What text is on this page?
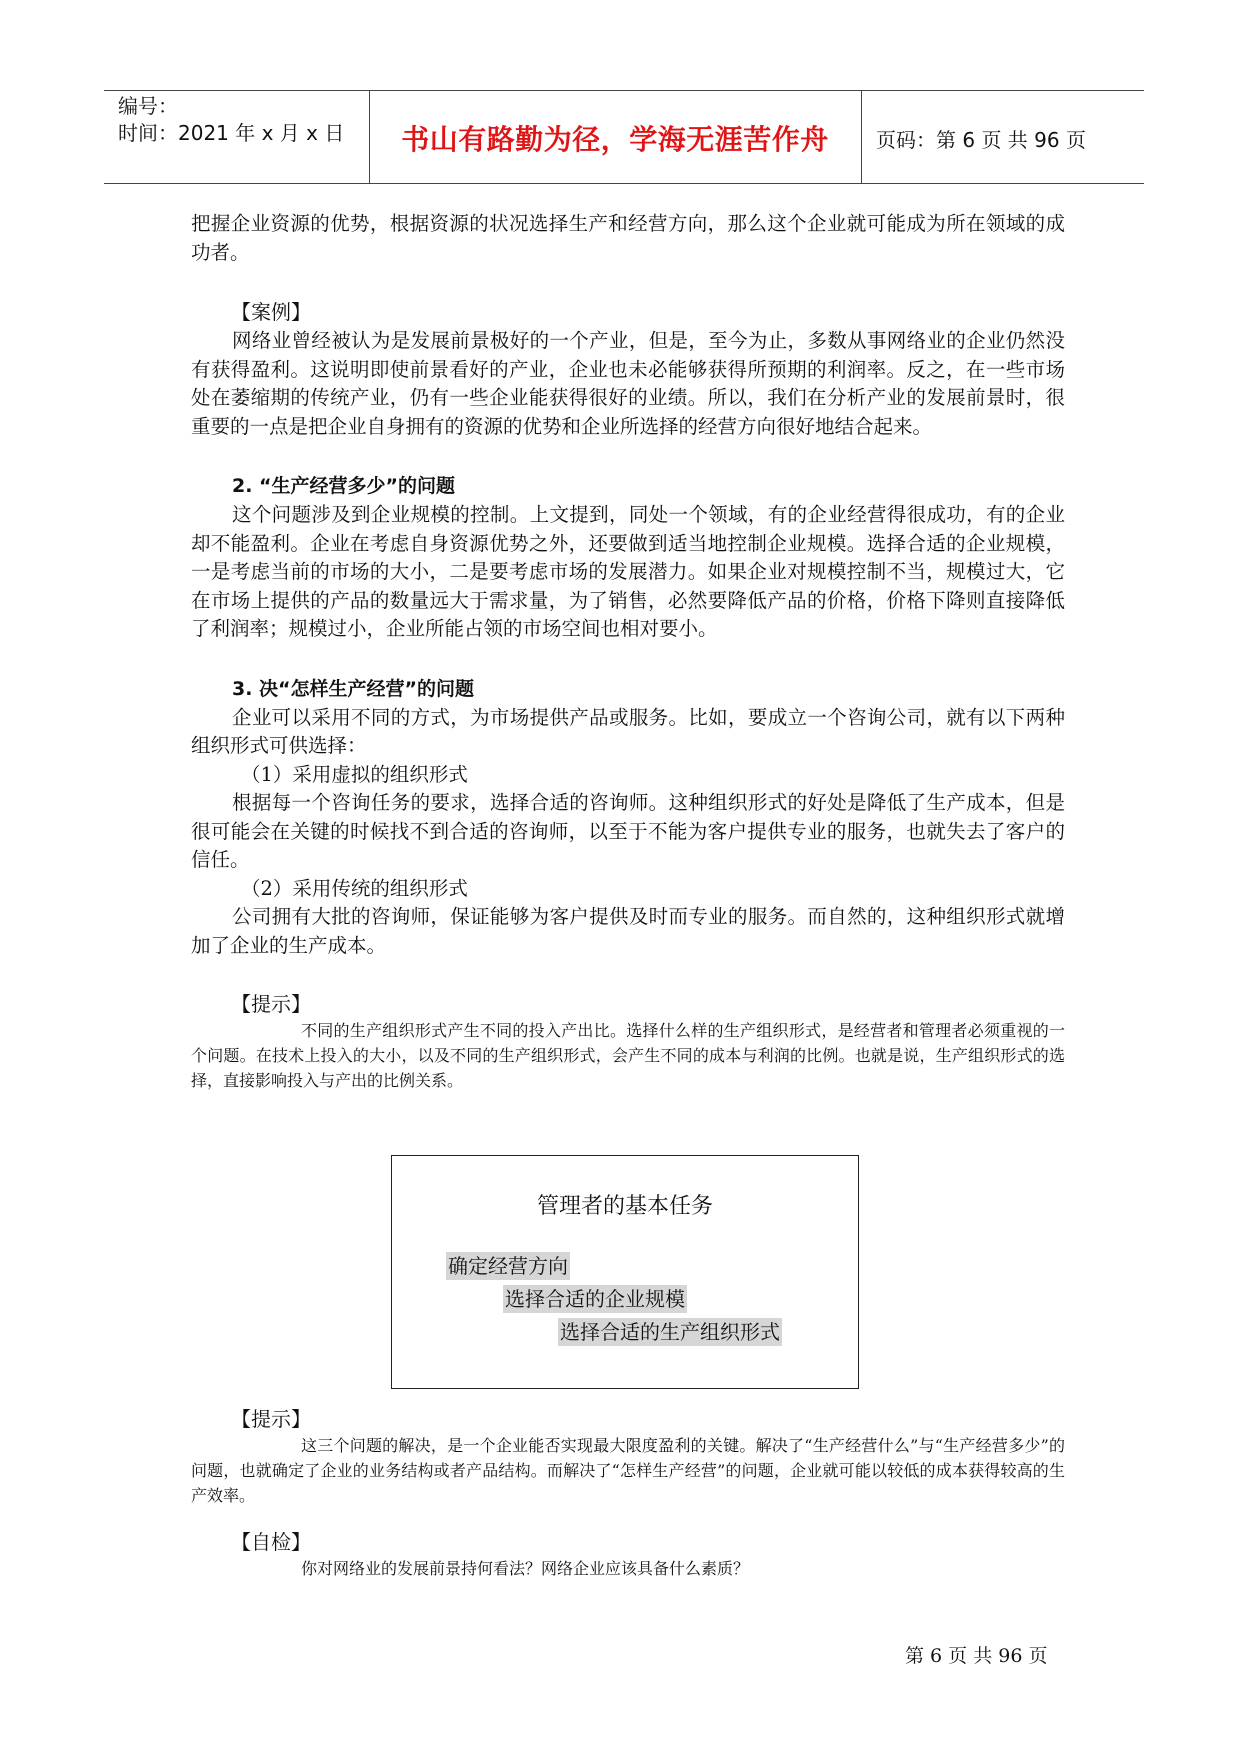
编号：
时间：2021 年 x 月 x 日	书山有路勤为径，学海无涯苦作舟	页码：第 6 页 共 96 页

把握企业资源的优势，根据资源的状况选择生产和经营方向，那么这个企业就可能成为所在领域的成功者。

【案例】

网络业曾经被认为是发展前景极好的一个产业，但是，至今为止，多数从事网络业的企业仍然没有获得盈利。这说明即使前景看好的产业，企业也未必能够获得所预期的利润率。反之，在一些市场处在萎缩期的传统产业，仍有一些企业能获得很好的业绩。所以，我们在分析产业的发展前景时，很重要的一点是把企业自身拥有的资源的优势和企业所选择的经营方向很好地结合起来。

2. “生产经营多少”的问题

这个问题涉及到企业规模的控制。上文提到，同处一个领域，有的企业经营得很成功，有的企业却不能盈利。企业在考虑自身资源优势之外，还要做到适当地控制企业规模。选择合适的企业规模，一是考虑当前的市场的大小，二是要考虑市场的发展潜力。如果企业对规模控制不当，规模过大，它在市场上提供的产品的数量远大于需求量，为了销售，必然要降低产品的价格，价格下降则直接降低了利润率；规模过小，企业所能占领的市场空间也相对要小。

3. 决“怎样生产经营”的问题

企业可以采用不同的方式，为市场提供产品或服务。比如，要成立一个咨询公司，就有以下两种组织形式可供选择：

（1）采用虚拟的组织形式

根据每一个咨询任务的要求，选择合适的咨询师。这种组织形式的好处是降低了生产成本，但是很可能会在关键的时候找不到合适的咨询师，以至于不能为客户提供专业的服务，也就失去了客户的信任。

（2）采用传统的组织形式

公司拥有大批的咨询师，保证能够为客户提供及时而专业的服务。而自然的，这种组织形式就增加了企业的生产成本。

【提示】

不同的生产组织形式产生不同的投入产出比。选择什么样的生产组织形式，是经营者和管理者必须重视的一个问题。在技术上投入的大小，以及不同的生产组织形式，会产生不同的成本与利润的比例。也就是说，生产组织形式的选择，直接影响投入与产出的比例关系。

管理者的基本任务
确定经营方向
选择合适的企业规模
选择合适的生产组织形式

【提示】

这三个问题的解决，是一个企业能否实现最大限度盈利的关键。解决了“生产经营什么”与“生产经营多少”的问题，也就确定了企业的业务结构或者产品结构。而解决了“怎样生产经营”的问题，企业就可能以较低的成本获得较高的生产效率。

【自检】

你对网络业的发展前景持何看法？网络企业应该具备什么素质？

第 6 页 共 96 页
